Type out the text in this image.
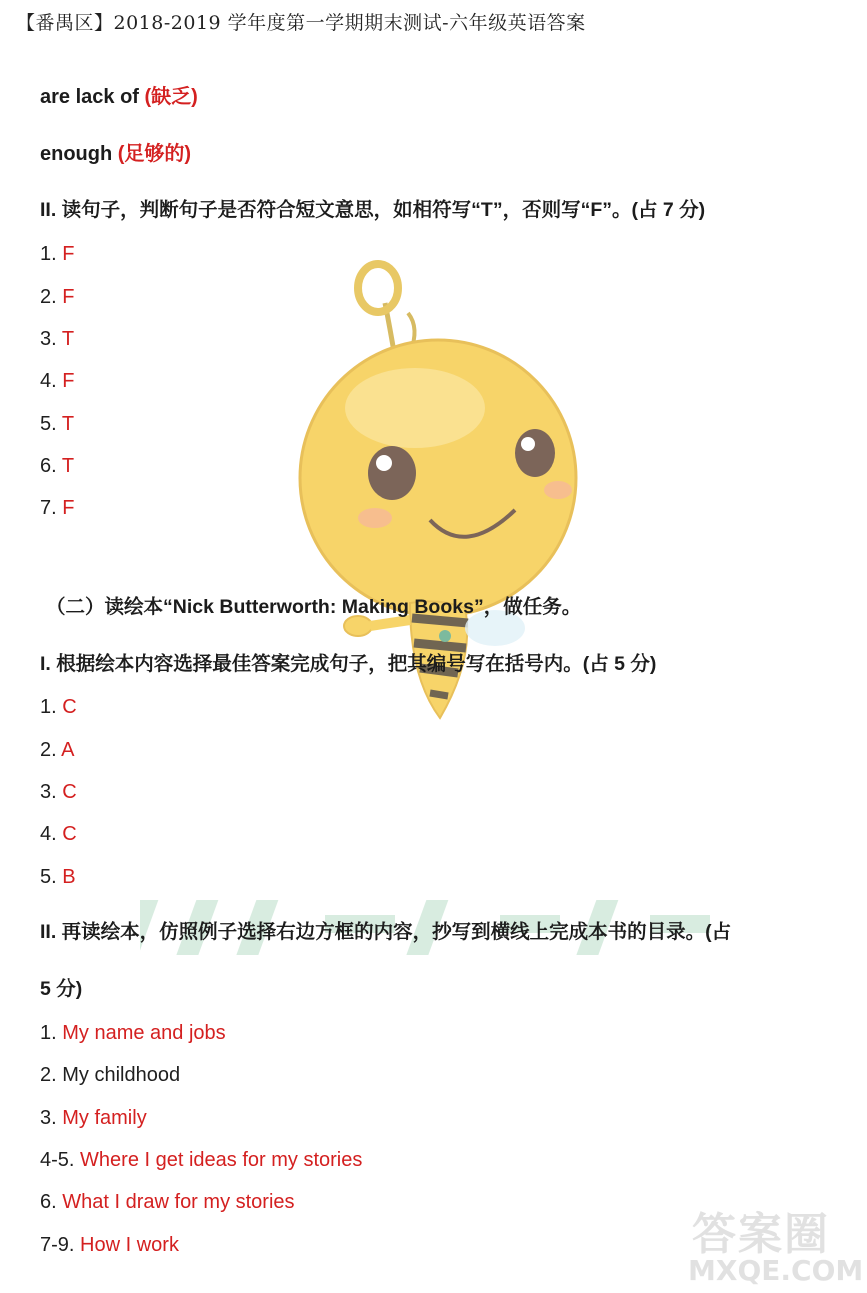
【番禺区】2018-2019 学年度第一学期期末测试-六年级英语答案
are lack of (缺乏)
enough (足够的)
II. 读句子，判断句子是否符合短文意思，如相符写“T”，否则写“F”。(占 7 分)
1. F
2. F
3. T
4. F
5. T
6. T
7. F
（二）读绘本“Nick Butterworth: Making Books”，做任务。
I. 根据绘本内容选择最佳答案完成句子，把其编号写在括号内。(占 5 分)
1. C
2. A
3. C
4. C
5. B
II. 再读绘本，仿照例子选择右边方框的内容，抄写到横线上完成本书的目录。(占
5 分)
1. My name and jobs
2. My childhood
3. My family
4-5. Where I get ideas for my stories
6. What I draw for my stories
7-9. How I work	答案圈
MXQE.COM
